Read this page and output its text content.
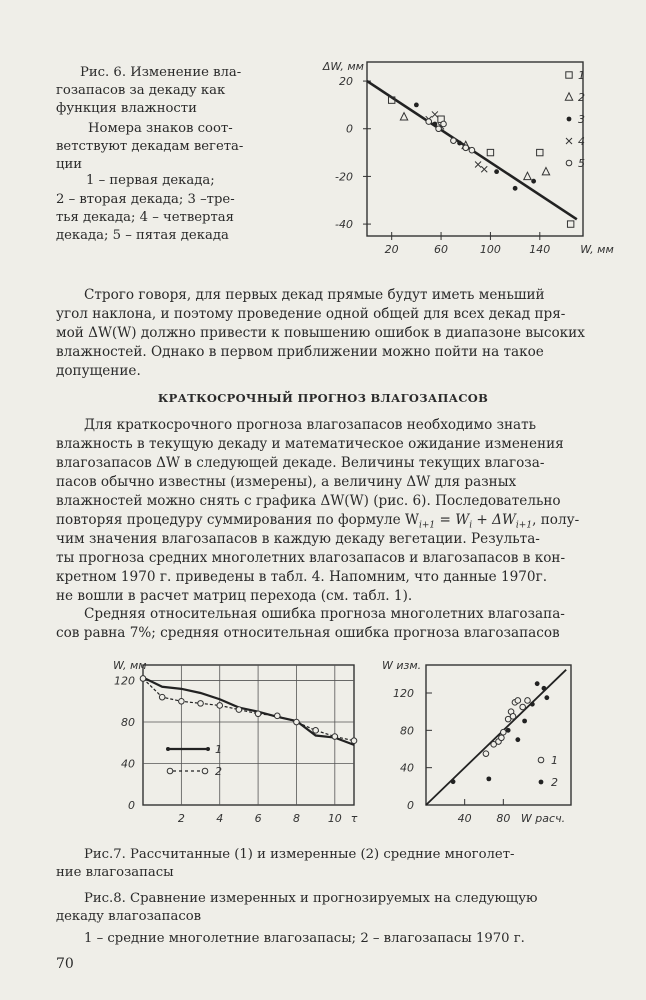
Рис. 6. Изменение вла-
гозапасов за декаду как
функция влажности
Номера знаков соот-
ветствуют декадам вегета-
ции
1 – первая декада;
2 – вторая декада; 3 –тре-
тья декада; 4 – четвертая
декада; 5 – пятая декада
20
0
-20
-40
20	60	100	140
ΔW, мм
W, мм
1
2
3
4
5
Строго говоря, для первых декад прямые будут иметь меньший
угол наклона, и поэтому проведение одной общей для всех декад пря-
мой ΔW(W) должно привести к повышению ошибок в диапазоне высоких
влажностей. Однако в первом приближении можно пойти на такое
допущение.
КРАТКОСРОЧНЫЙ ПРОГНОЗ ВЛАГОЗАПАСОВ
Для краткосрочного прогноза влагозапасов необходимо знать
влажность в текущую декаду и математическое ожидание изменения
влагозапасов ΔW в следующей декаде. Величины текущих влагоза-
пасов обычно известны (измерены), а величину ΔW для разных
влажностей можно снять с графика ΔW(W) (рис. 6). Последовательно
повторяя процедуру суммирования по формуле $W_{i+1} = W_i + \Delta W_{i+1}$, полу-
чим значения влагозапасов в каждую декаду вегетации. Результа-
ты прогноза средних многолетних влагозапасов и влагозапасов в кон-
кретном 1970 г. приведены в табл. 4. Напомним, что данные 1970г.
не вошли в расчет матриц перехода (см. табл. 1).
Средняя относительная ошибка прогноза многолетних влагозапа-
сов равна 7%; средняя относительная ошибка прогноза влагозапасов
120
80
40
0
2	4	6	8	10 τ
W, мм
1
2
120
80
40
0
40 80
W изм.
W расч.
1
2
Рис.7. Рассчитанные (1) и измеренные (2) средние многолет-
ние влагозапасы
Рис.8. Сравнение измеренных и прогнозируемых на следующую
декаду влагозапасов
1 – средние многолетние влагозапасы; 2 – влагозапасы 1970 г.
70
